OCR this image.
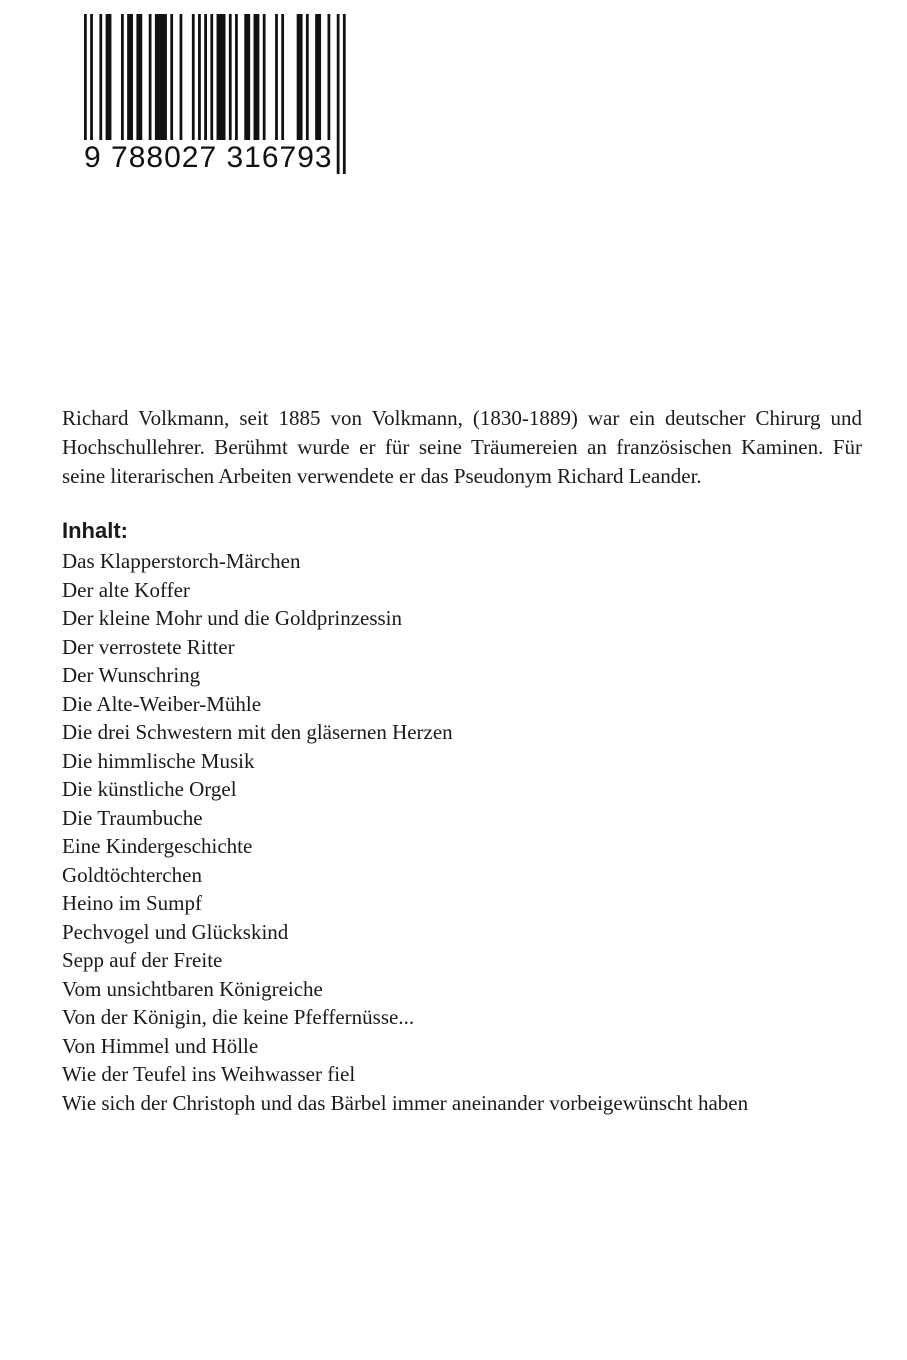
9 788027 316793

Richard Volkmann, seit 1885 von Volkmann, (1830-1889) war ein deutscher Chirurg und Hochschullehrer. Berühmt wurde er für seine Träumereien an französischen Kaminen. Für seine literarischen Arbeiten verwendete er das Pseudonym Richard Leander.

Inhalt:
Das Klapperstorch-Märchen
Der alte Koffer
Der kleine Mohr und die Goldprinzessin
Der verrostete Ritter
Der Wunschring
Die Alte-Weiber-Mühle
Die drei Schwestern mit den gläsernen Herzen
Die himmlische Musik
Die künstliche Orgel
Die Traumbuche
Eine Kindergeschichte
Goldtöchterchen
Heino im Sumpf
Pechvogel und Glückskind
Sepp auf der Freite
Vom unsichtbaren Königreiche
Von der Königin, die keine Pfeffernüsse...
Von Himmel und Hölle
Wie der Teufel ins Weihwasser fiel
Wie sich der Christoph und das Bärbel immer aneinander vorbeigewünscht haben
